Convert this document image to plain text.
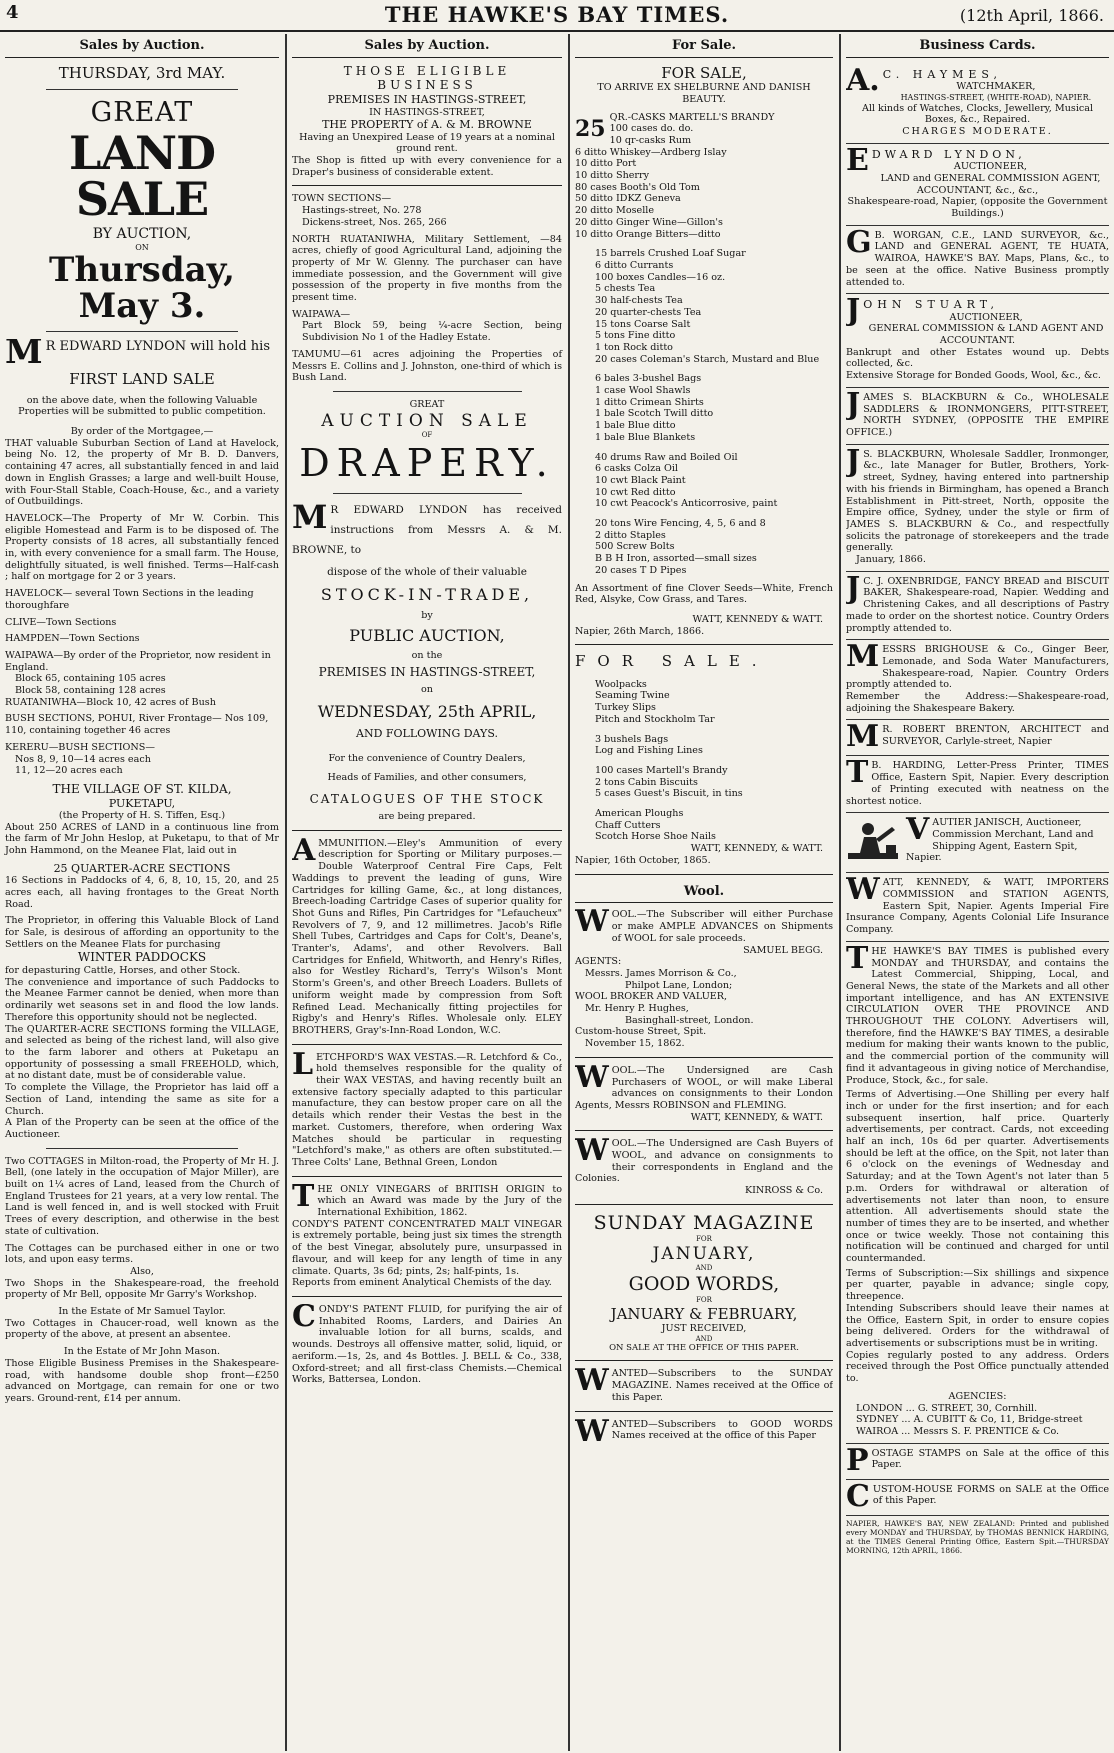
4	THE HAWKE'S BAY TIMES.	(12th April, 1866.
Sales by Auction.
THURSDAY, 3rd MAY.
GREAT
LAND SALE
BY AUCTION,
ON
Thursday, May 3.
M R EDWARD LYNDON will hold his
FIRST LAND SALE
on the above date, when the following Valuable Properties will be submitted to public competition.
By order of the Mortgagee,—
THAT valuable Suburban Section of Land at Havelock, being No. 12, the property of Mr B. D. Danvers, containing 47 acres, all substantially fenced in and laid down in English Grasses; a large and well-built House, with Four-Stall Stable, Coach-House, &c., and a variety of Outbuildings.
HAVELOCK—The Property of Mr W. Corbin. This eligible Homestead and Farm is to be disposed of. The Property consists of 18 acres, all substantially fenced in, with every convenience for a small farm. The House, delightfully situated, is well finished. Terms—Half-cash ; half on mortgage for 2 or 3 years.
HAVELOCK— several Town Sections in the leading thoroughfare
CLIVE—Town Sections
HAMPDEN—Town Sections
WAIPAWA—By order of the Proprietor, now resident in England.
Block 65, containing 105 acres
Block 58, containing 128 acres
RUATANIWHA—Block 10, 42 acres of Bush
BUSH SECTIONS, POHUI, River Frontage— Nos 109, 110, containing together 46 acres
KERERU—BUSH SECTIONS—
Nos 8, 9, 10—14 acres each
11, 12—20 acres each
THE VILLAGE OF ST. KILDA,
PUKETAPU,
(the Property of H. S. Tiffen, Esq.)
About 250 ACRES of LAND in a continuous line from the farm of Mr John Heslop, at Puketapu, to that of Mr John Hammond, on the Meanee Flat, laid out in
25 QUARTER-ACRE SECTIONS
16 Sections in Paddocks of 4, 6, 8, 10, 15, 20, and 25 acres each, all having frontages to the Great North Road.
The Proprietor, in offering this Valuable Block of Land for Sale, is desirous of affording an opportunity to the Settlers on the Meanee Flats for purchasing
WINTER PADDOCKS
for depasturing Cattle, Horses, and other Stock.
The convenience and importance of such Paddocks to the Meanee Farmer cannot be denied, when more than ordinarily wet seasons set in and flood the low lands. Therefore this opportunity should not be neglected.
The QUARTER-ACRE SECTIONS forming the VILLAGE, and selected as being of the richest land, will also give to the farm laborer and others at Puketapu an opportunity of possessing a small FREEHOLD, which, at no distant date, must be of considerable value.
To complete the Village, the Proprietor has laid off a Section of Land, intending the same as site for a Church.
A Plan of the Property can be seen at the office of the Auctioneer.
Two COTTAGES in Milton-road, the Property of Mr H. J. Bell, (one lately in the occupation of Major Miller), are built on 1¼ acres of Land, leased from the Church of England Trustees for 21 years, at a very low rental. The Land is well fenced in, and is well stocked with Fruit Trees of every description, and otherwise in the best state of cultivation.
The Cottages can be purchased either in one or two lots, and upon easy terms.
Also,
Two Shops in the Shakespeare-road, the freehold property of Mr Bell, opposite Mr Garry's Workshop.
In the Estate of Mr Samuel Taylor.
Two Cottages in Chaucer-road, well known as the property of the above, at present an absentee.
In the Estate of Mr John Mason.
Those Eligible Business Premises in the Shakespeare-road, with handsome double shop front—£250 advanced on Mortgage, can remain for one or two years. Ground-rent, £14 per annum.
Sales by Auction.
THOSE ELIGIBLE BUSINESS
PREMISES IN HASTINGS-STREET,
IN HASTINGS-STREET,
THE PROPERTY of A. & M. BROWNE
Having an Unexpired Lease of 19 years at a nominal ground rent.
The Shop is fitted up with every convenience for a Draper's business of considerable extent.
TOWN SECTIONS—
Hastings-street, No. 278
Dickens-street, Nos. 265, 266
NORTH RUATANIWHA, Military Settlement, —84 acres, chiefly of good Agricultural Land, adjoining the property of Mr W. Glenny. The purchaser can have immediate possession, and the Government will give possession of the property in five months from the present time.
WAIPAWA—
Part Block 59, being ¼-acre Section, being Subdivision No 1 of the Hadley Estate.
TAMUMU—61 acres adjoining the Properties of Messrs E. Collins and J. Johnston, one-third of which is Bush Land.
GREAT
AUCTION SALE
OF
DRAPERY.
M R EDWARD LYNDON has received instructions from Messrs A. & M. BROWNE, to
dispose of the whole of their valuable
STOCK-IN-TRADE,
by
PUBLIC AUCTION,
on the
PREMISES IN HASTINGS-STREET,
on
WEDNESDAY, 25th APRIL,
AND FOLLOWING DAYS.
For the convenience of Country Dealers,
Heads of Families, and other consumers,
CATALOGUES OF THE STOCK
are being prepared.
AMMUNITION.—Eley's Ammunition of every description for Sporting or Military purposes.—Double Waterproof Central Fire Caps, Felt Waddings to prevent the leading of guns, Wire Cartridges for killing Game, &c., at long distances, Breech-loading Cartridge Cases of superior quality for Shot Guns and Rifles, Pin Cartridges for "Lefaucheux" Revolvers of 7, 9, and 12 millimetres. Jacob's Rifle Shell Tubes, Cartridges and Caps for Colt's, Deane's, Tranter's, Adams', and other Revolvers. Ball Cartridges for Enfield, Whitworth, and Henry's Rifles, also for Westley Richard's, Terry's Wilson's Mont Storm's Green's, and other Breech Loaders. Bullets of uniform weight made by compression from Soft Refined Lead. Mechanically fitting projectiles for Rigby's and Henry's Rifles. Wholesale only. ELEY BROTHERS, Gray's-Inn-Road London, W.C.
LETCHFORD'S WAX VESTAS.—R. Letchford & Co., hold themselves responsible for the quality of their WAX VESTAS, and having recently built an extensive factory specially adapted to this particular manufacture, they can bestow proper care on all the details which render their Vestas the best in the market. Customers, therefore, when ordering Wax Matches should be particular in requesting "Letchford's make," as others are often substituted.—Three Colts' Lane, Bethnal Green, London
THE ONLY VINEGARS of BRITISH ORIGIN to which an Award was made by the Jury of the International Exhibition, 1862.
CONDY'S PATENT CONCENTRATED MALT VINEGAR is extremely portable, being just six times the strength of the best Vinegar, absolutely pure, unsurpassed in flavour, and will keep for any length of time in any climate. Quarts, 3s 6d; pints, 2s; half-pints, 1s.
Reports from eminent Analytical Chemists of the day.
CONDY'S PATENT FLUID, for purifying the air of Inhabited Rooms, Larders, and Dairies An invaluable lotion for all burns, scalds, and wounds. Destroys all offensive matter, solid, liquid, or aeriform.—1s, 2s, and 4s Bottles. J. BELL & Co., 338, Oxford-street; and all first-class Chemists.—Chemical Works, Battersea, London.
For Sale.
FOR SALE,
TO ARRIVE EX SHELBURNE AND DANISH BEAUTY.
25 QR.-CASKS MARTELL'S BRANDY
100 cases do. do.
10 qr-casks Rum
6 ditto Whiskey—Ardberg Islay
10 ditto Port
10 ditto Sherry
80 cases Booth's Old Tom
50 ditto IDKZ Geneva
20 ditto Moselle
20 ditto Ginger Wine—Gillon's
10 ditto Orange Bitters—ditto
15 barrels Crushed Loaf Sugar
6 ditto Currants
100 boxes Candles—16 oz.
5 chests Tea
30 half-chests Tea
20 quarter-chests Tea
15 tons Coarse Salt
5 tons Fine ditto
1 ton Rock ditto
20 cases Coleman's Starch, Mustard and Blue
6 bales 3-bushel Bags
1 case Wool Shawls
1 ditto Crimean Shirts
1 bale Scotch Twill ditto
1 bale Blue ditto
1 bale Blue Blankets
40 drums Raw and Boiled Oil
6 casks Colza Oil
10 cwt Black Paint
10 cwt Red ditto
10 cwt Peacock's Anticorrosive, paint
20 tons Wire Fencing, 4, 5, 6 and 8
2 ditto Staples
500 Screw Bolts
B B H Iron, assorted—small sizes
20 cases T D Pipes
An Assortment of fine Clover Seeds—White, French Red, Alsyke, Cow Grass, and Tares.
WATT, KENNEDY & WATT.
Napier, 26th March, 1866.
FOR SALE.
Woolpacks
Seaming Twine
Turkey Slips
Pitch and Stockholm Tar
3 bushels Bags
Log and Fishing Lines
100 cases Martell's Brandy
2 tons Cabin Biscuits
5 cases Guest's Biscuit, in tins
American Ploughs
Chaff Cutters
Scotch Horse Shoe Nails
WATT, KENNEDY, & WATT.
Napier, 16th October, 1865.
Wool.
WOOL.—The Subscriber will either Purchase or make AMPLE ADVANCES on Shipments of WOOL for sale proceeds.
SAMUEL BEGG.
AGENTS:
Messrs. James Morrison & Co.,
Philpot Lane, London;
WOOL BROKER AND VALUER,
Mr. Henry P. Hughes,
Basinghall-street, London.
Custom-house Street, Spit.
November 15, 1862.
WOOL.—The Undersigned are Cash Purchasers of WOOL, or will make Liberal advances on consignments to their London Agents, Messrs ROBINSON and FLEMING.
WATT, KENNEDY, & WATT.
WOOL.—The Undersigned are Cash Buyers of WOOL, and advance on consignments to their correspondents in England and the Colonies.
KINROSS & Co.
SUNDAY MAGAZINE
FOR
JANUARY,
AND
GOOD WORDS,
FOR
JANUARY & FEBRUARY,
JUST RECEIVED,
AND
ON SALE AT THE OFFICE OF THIS PAPER.
WANTED—Subscribers to the SUNDAY MAGAZINE. Names received at the Office of this Paper.
WANTED—Subscribers to GOOD WORDS Names received at the office of this Paper
Business Cards.
A. C. HAYMES,
WATCHMAKER,
HASTINGS-STREET, (WHITE-ROAD), NAPIER.
All kinds of Watches, Clocks, Jewellery, Musical Boxes, &c., Repaired.
CHARGES MODERATE.
E DWARD LYNDON,
AUCTIONEER,
LAND and GENERAL COMMISSION AGENT, ACCOUNTANT, &c., &c.,
Shakespeare-road, Napier, (opposite the Government Buildings.)
G B. WORGAN, C.E., LAND SURVEYOR, &c., LAND and GENERAL AGENT, TE HUATA, WAIROA, HAWKE'S BAY. Maps, Plans, &c., to be seen at the office. Native Business promptly attended to.
J OHN STUART,
AUCTIONEER,
GENERAL COMMISSION & LAND AGENT AND ACCOUNTANT.
Bankrupt and other Estates wound up. Debts collected, &c.
Extensive Storage for Bonded Goods, Wool, &c., &c.
JAMES S. BLACKBURN & Co., WHOLESALE SADDLERS & IRONMONGERS, PITT-STREET, NORTH SYDNEY, (OPPOSITE THE EMPIRE OFFICE.)
J S. BLACKBURN, Wholesale Saddler, Ironmonger, &c., late Manager for Butler, Brothers, York-street, Sydney, having entered into partnership with his friends in Birmingham, has opened a Branch Establishment in Pitt-street, North, opposite the Empire office, Sydney, under the style or firm of JAMES S. BLACKBURN & Co., and respectfully solicits the patronage of storekeepers and the trade generally.
January, 1866.
J C. J. OXENBRIDGE, FANCY BREAD and BISCUIT BAKER, Shakespeare-road, Napier. Wedding and Christening Cakes, and all descriptions of Pastry made to order on the shortest notice. Country Orders promptly attended to.
MESSRS BRIGHOUSE & Co., Ginger Beer, Lemonade, and Soda Water Manufacturers, Shakespeare-road, Napier. Country Orders promptly attended to.
Remember the Address:—Shakespeare-road, adjoining the Shakespeare Bakery.
M R. ROBERT BRENTON, ARCHITECT and SURVEYOR, Carlyle-street, Napier
T B. HARDING, Letter-Press Printer, TIMES Office, Eastern Spit, Napier. Every description of Printing executed with neatness on the shortest notice.
VAUTIER JANISCH, Auctioneer, Commission Merchant, Land and Shipping Agent, Eastern Spit, Napier.
WATT, KENNEDY, & WATT, IMPORTERS COMMISSION and STATION AGENTS, Eastern Spit, Napier. Agents Imperial Fire Insurance Company, Agents Colonial Life Insurance Company.
THE HAWKE'S BAY TIMES is published every MONDAY and THURSDAY, and contains the Latest Commercial, Shipping, Local, and General News, the state of the Markets and all other important intelligence, and has AN EXTENSIVE CIRCULATION OVER THE PROVINCE AND THROUGHOUT THE COLONY. Advertisers will, therefore, find the HAWKE'S BAY TIMES, a desirable medium for making their wants known to the public, and the commercial portion of the community will find it advantageous in giving notice of Merchandise, Produce, Stock, &c., for sale.
Terms of Advertising.—One Shilling per every half inch or under for the first insertion; and for each subsequent insertion, half price. Quarterly advertisements, per contract. Cards, not exceeding half an inch, 10s 6d per quarter. Advertisements should be left at the office, on the Spit, not later than 6 o'clock on the evenings of Wednesday and Saturday; and at the Town Agent's not later than 5 p.m. Orders for withdrawal or alteration of advertisements not later than noon, to ensure attention. All advertisements should state the number of times they are to be inserted, and whether once or twice weekly. Those not containing this notification will be continued and charged for until countermanded.
Terms of Subscription:—Six shillings and sixpence per quarter, payable in advance; single copy, threepence.
Intending Subscribers should leave their names at the Office, Eastern Spit, in order to ensure copies being delivered. Orders for the withdrawal of advertisements or subscriptions must be in writing.
Copies regularly posted to any address. Orders received through the Post Office punctually attended to.
AGENCIES:
LONDON ... G. STREET, 30, Cornhill.
SYDNEY ... A. CUBITT & Co, 11, Bridge-street
WAIROA ... Messrs S. F. PRENTICE & Co.
POSTAGE STAMPS on Sale at the office of this Paper.
CUSTOM-HOUSE FORMS on SALE at the Office of this Paper.
NAPIER, HAWKE'S BAY, NEW ZEALAND: Printed and published every MONDAY and THURSDAY, by THOMAS BENNICK HARDING, at the TIMES General Printing Office, Eastern Spit.—THURSDAY MORNING, 12th APRIL, 1866.
